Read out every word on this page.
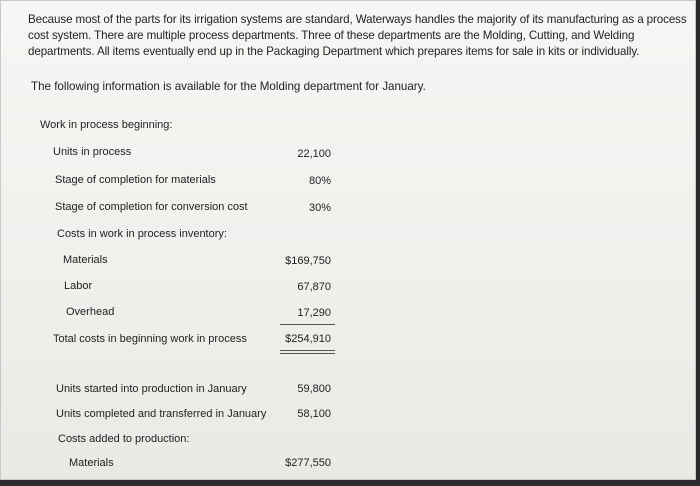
Because most of the parts for its irrigation systems are standard, Waterways handles the majority of its manufacturing as a process
cost system. There are multiple process departments. Three of these departments are the Molding, Cutting, and Welding
departments. All items eventually end up in the Packaging Department which prepares items for sale in kits or individually.
The following information is available for the Molding department for January.
Work in process beginning:
Units in process	22,100
Stage of completion for materials	80%
Stage of completion for conversion cost	30%
Costs in work in process inventory:
Materials	$169,750
Labor	67,870
Overhead	17,290
Total costs in beginning work in process	$254,910
Units started into production in January	59,800
Units completed and transferred in January	58,100
Costs added to production:
Materials	$277,550
